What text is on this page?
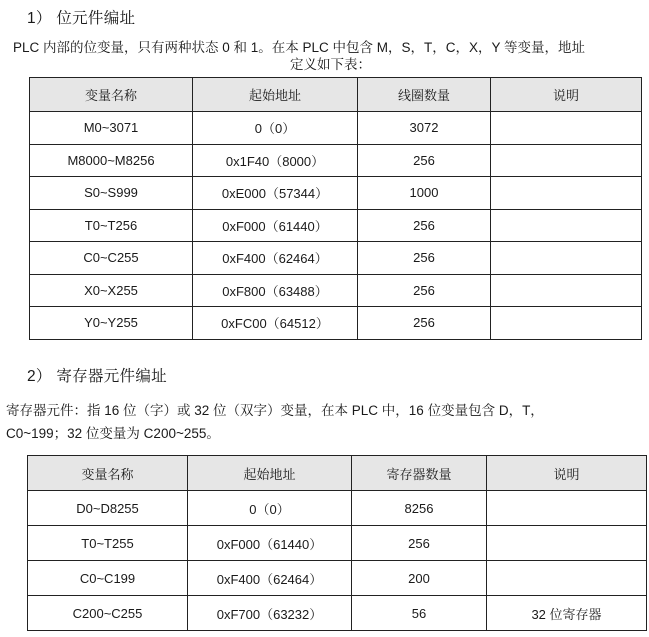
1） 位元件编址
PLC 内部的位变量，只有两种状态 0 和 1。在本 PLC 中包含 M，S，T，C，X，Y 等变量，地址
定义如下表：
变量名称	起始地址	线圈数量	说明
M0~3071	0（0）	3072	
M8000~M8256	0x1F40（8000）	256	
S0~S999	0xE000（57344）	1000	
T0~T256	0xF000（61440）	256	
C0~C255	0xF400（62464）	256	
X0~X255	0xF800（63488）	256	
Y0~Y255	0xFC00（64512）	256	
2） 寄存器元件编址
寄存器元件：指 16 位（字）或 32 位（双字）变量，在本 PLC 中，16 位变量包含 D，T，
C0~199；32 位变量为 C200~255。
变量名称	起始地址	寄存器数量	说明
D0~D8255	0（0）	8256	
T0~T255	0xF000（61440）	256	
C0~C199	0xF400（62464）	200	
C200~C255	0xF700（63232）	56	32 位寄存器
